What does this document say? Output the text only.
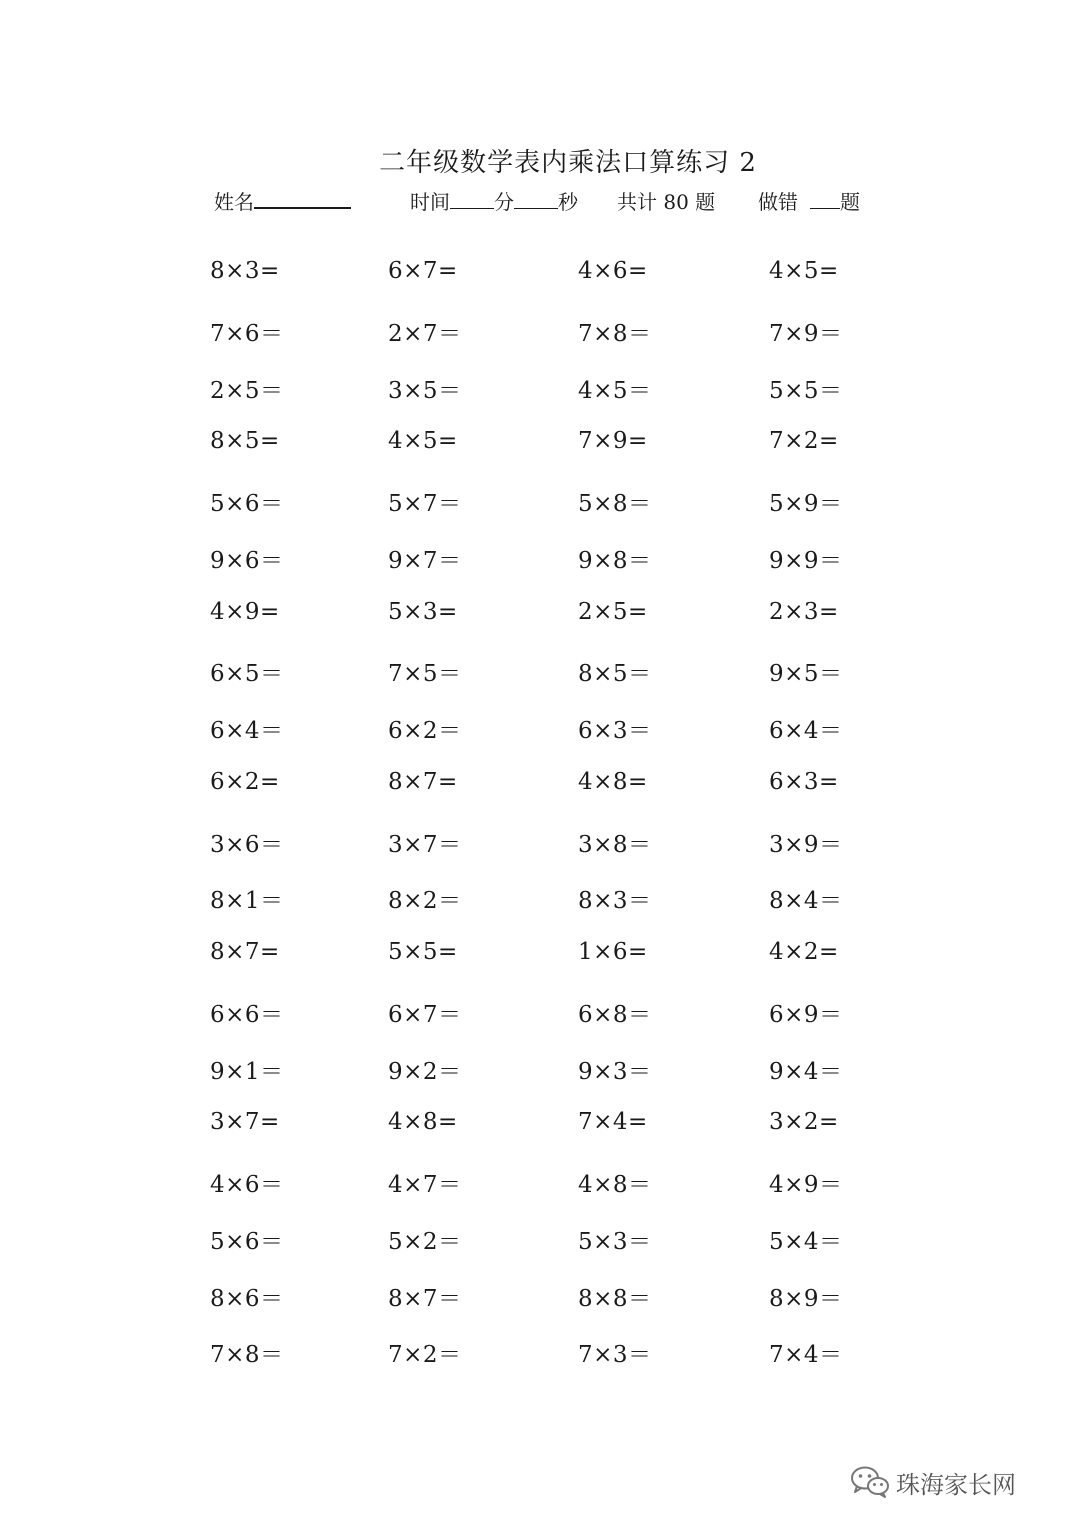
二年级数学表内乘法口算练习 2
姓名	时间 分 秒 共计 80 题 做错 题
8×3=	6×7=	4×6=	4×5=
7×6＝	2×7＝	7×8＝	7×9＝
2×5＝	3×5＝	4×5＝	5×5＝
8×5=	4×5=	7×9=	7×2=
5×6＝	5×7＝	5×8＝	5×9＝
9×6＝	9×7＝	9×8＝	9×9＝
4×9=	5×3=	2×5=	2×3=
6×5＝	7×5＝	8×5＝	9×5＝
6×4＝	6×2＝	6×3＝	6×4＝
6×2=	8×7=	4×8=	6×3=
3×6＝	3×7＝	3×8＝	3×9＝
8×1＝	8×2＝	8×3＝	8×4＝
8×7=	5×5=	1×6=	4×2=
6×6＝	6×7＝	6×8＝	6×9＝
9×1＝	9×2＝	9×3＝	9×4＝
3×7=	4×8=	7×4=	3×2=
4×6＝	4×7＝	4×8＝	4×9＝
5×6＝	5×2＝	5×3＝	5×4＝
8×6＝	8×7＝	8×8＝	8×9＝
7×8＝	7×2＝	7×3＝	7×4＝
珠海家长网
